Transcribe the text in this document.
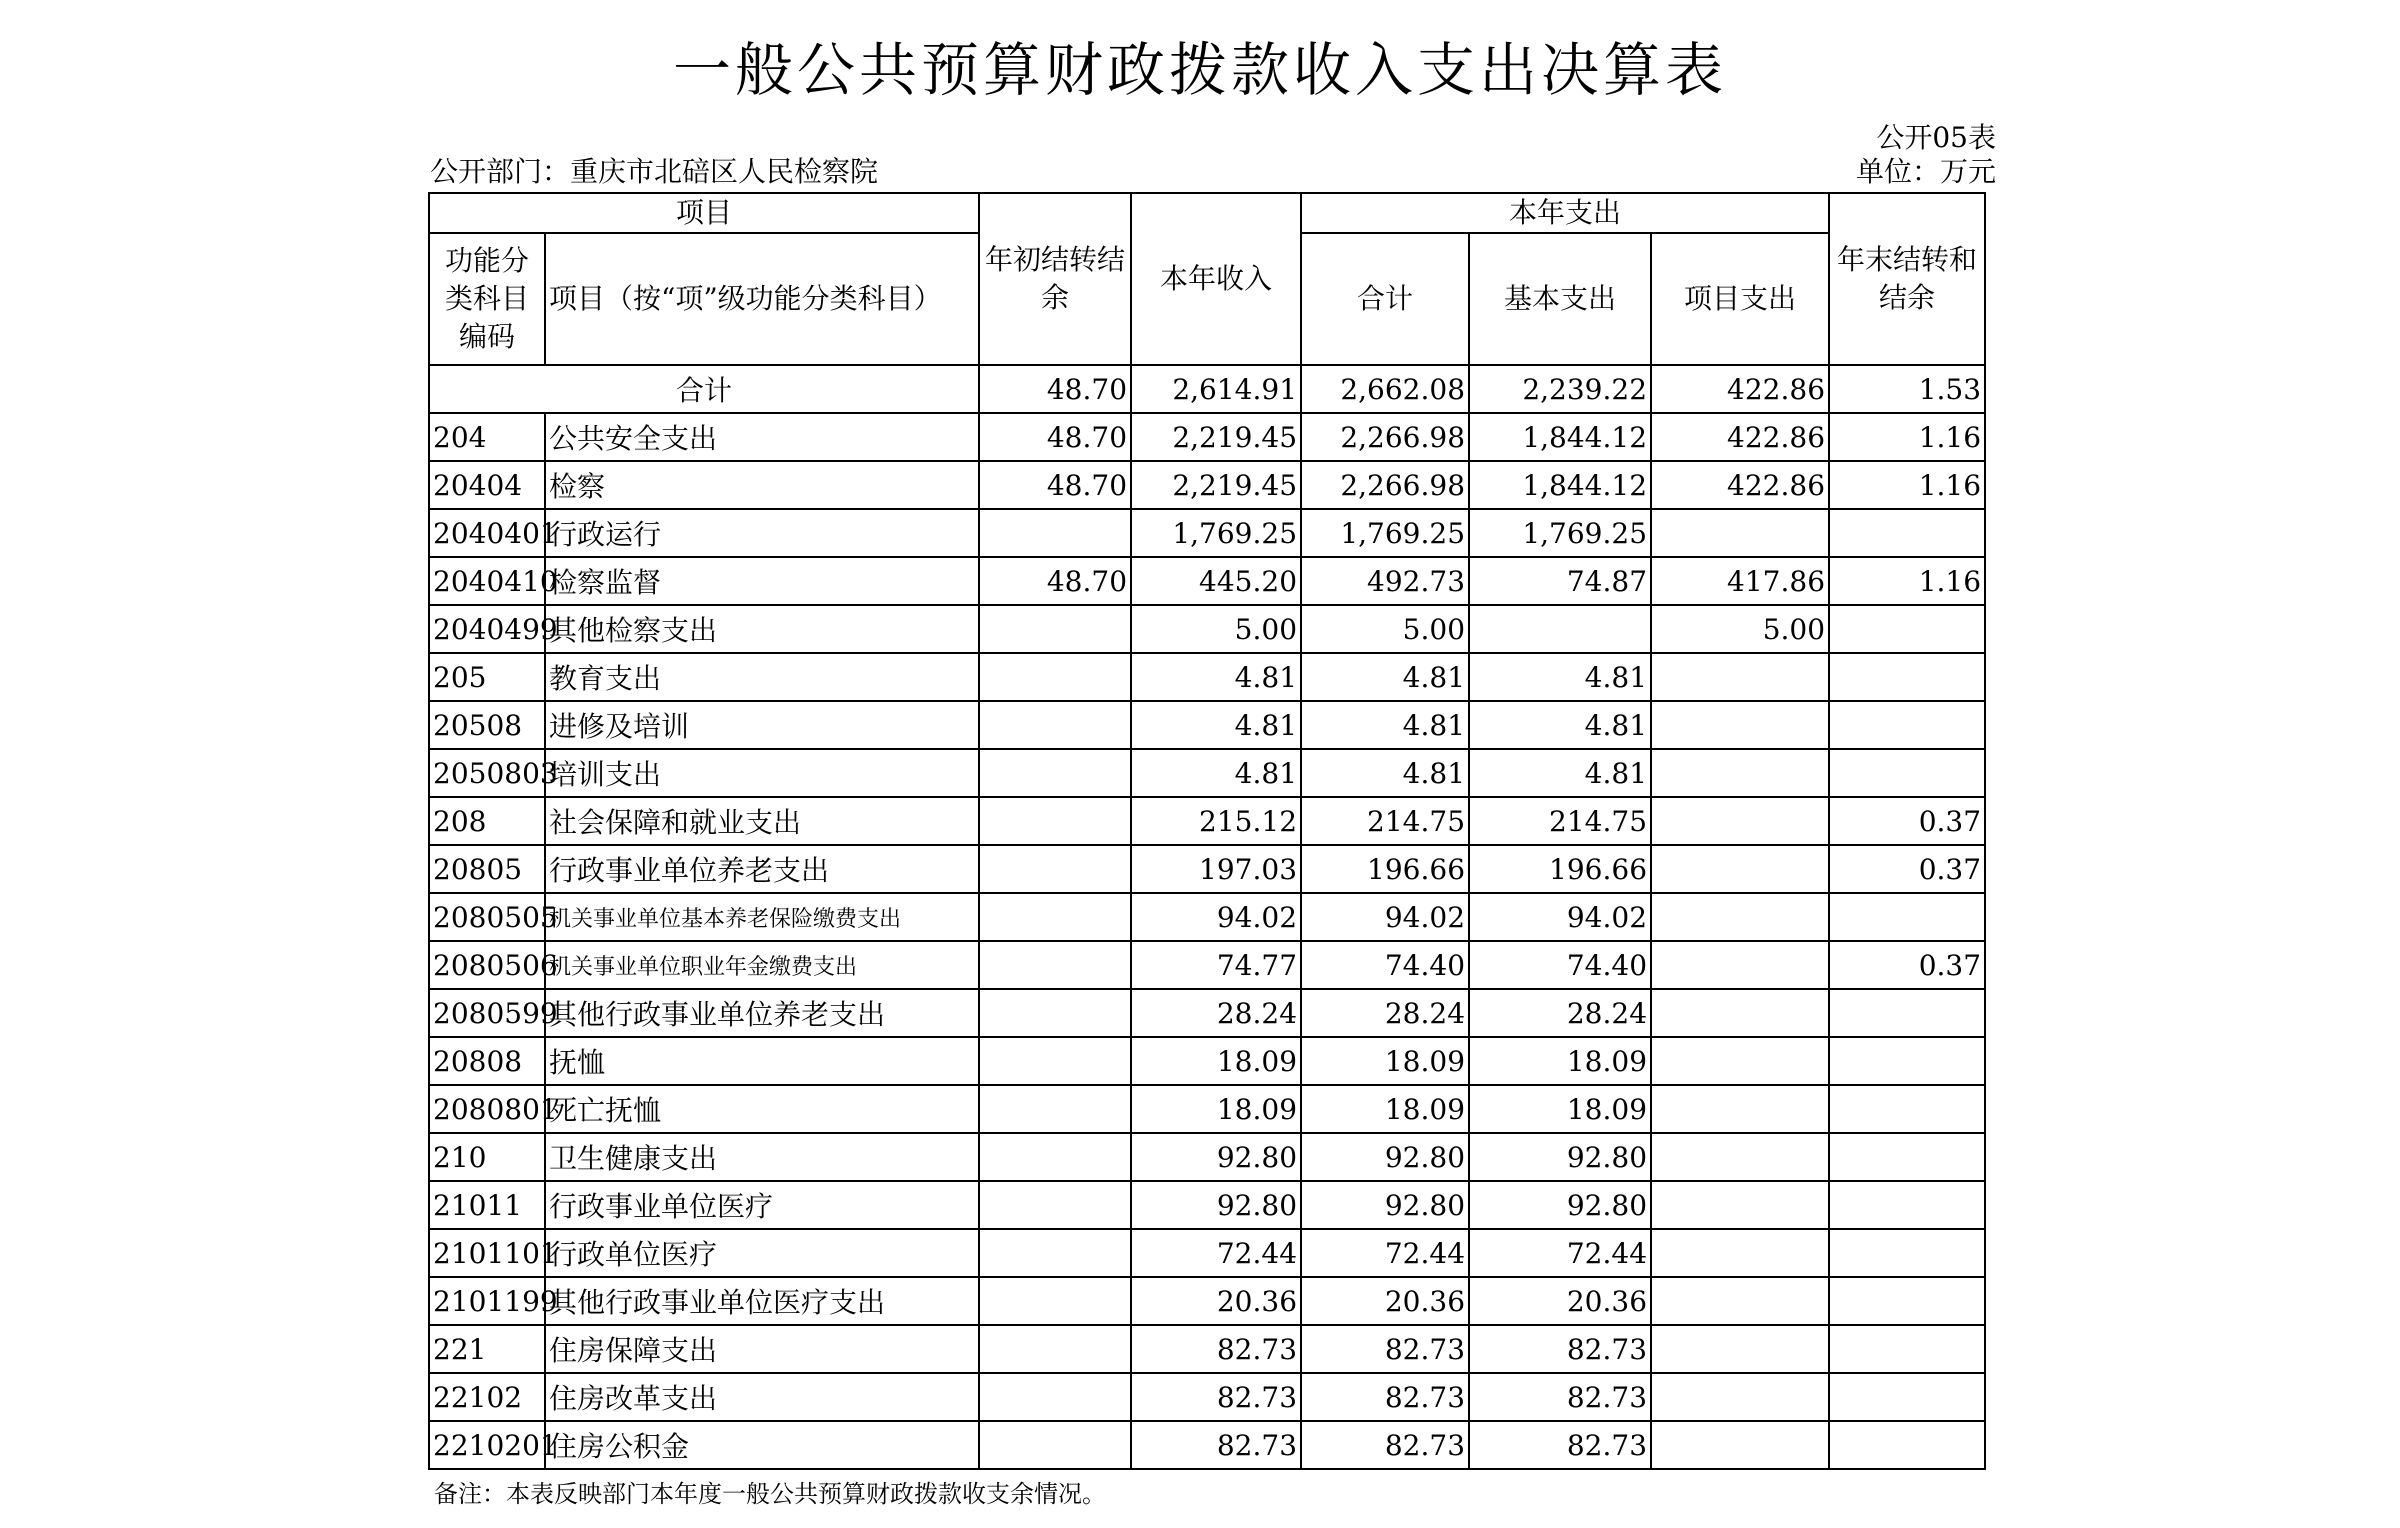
一般公共预算财政拨款收入支出决算表
公开05表
公开部门：重庆市北碚区人民检察院	单位：万元
项目		年初结转结余	本年收入	本年支出			年末结转和结余
功能分类科目编码	项目（按“项”级功能分类科目）			合计	基本支出	项目支出	
合计		48.70	2,614.91	2,662.08	2,239.22	422.86	1.53
204	公共安全支出	48.70	2,219.45	2,266.98	1,844.12	422.86	1.16
20404	检察	48.70	2,219.45	2,266.98	1,844.12	422.86	1.16
2040401	行政运行		1,769.25	1,769.25	1,769.25		
2040410	检察监督	48.70	445.20	492.73	74.87	417.86	1.16
2040499	其他检察支出		5.00	5.00		5.00	
205	教育支出		4.81	4.81	4.81		
20508	进修及培训		4.81	4.81	4.81		
2050803	培训支出		4.81	4.81	4.81		
208	社会保障和就业支出		215.12	214.75	214.75		0.37
20805	行政事业单位养老支出		197.03	196.66	196.66		0.37
2080505	机关事业单位基本养老保险缴费支出		94.02	94.02	94.02		
2080506	机关事业单位职业年金缴费支出		74.77	74.40	74.40		0.37
2080599	其他行政事业单位养老支出		28.24	28.24	28.24		
20808	抚恤		18.09	18.09	18.09		
2080801	死亡抚恤		18.09	18.09	18.09		
210	卫生健康支出		92.80	92.80	92.80		
21011	行政事业单位医疗		92.80	92.80	92.80		
2101101	行政单位医疗		72.44	72.44	72.44		
2101199	其他行政事业单位医疗支出		20.36	20.36	20.36		
221	住房保障支出		82.73	82.73	82.73		
22102	住房改革支出		82.73	82.73	82.73		
2210201	住房公积金		82.73	82.73	82.73		
备注：本表反映部门本年度一般公共预算财政拨款收支余情况。
